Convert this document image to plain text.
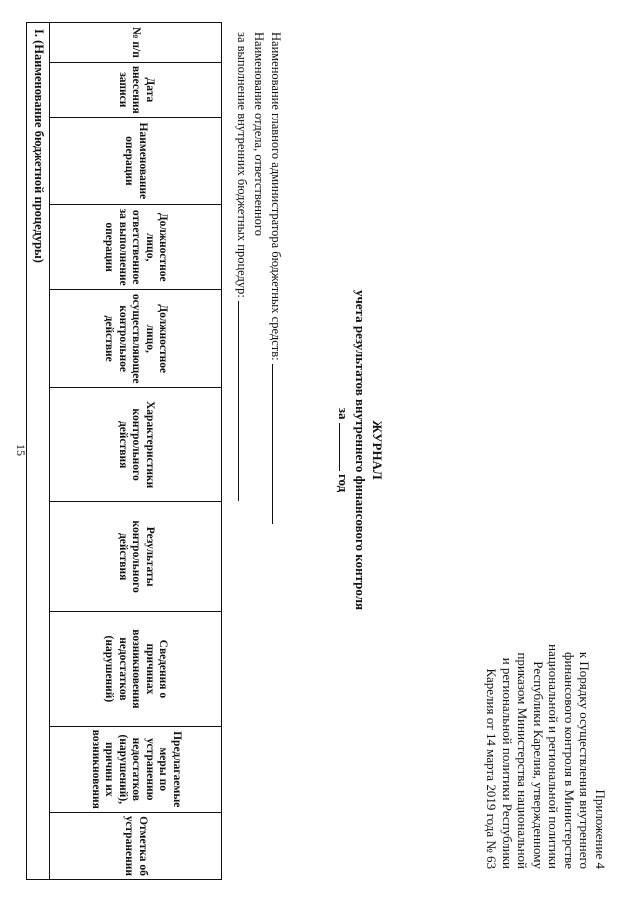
15
Приложение 4
к Порядку осуществления внутреннего
финансового контроля в Министерстве
национальной и региональной политики
Республики Карелия, утвержденному
приказом Министерства национальной
и региональной политики Республики
Карелия от 14 марта 2019 года № 63
ЖУРНАЛ
учета результатов внутреннего финансового контроля
за  год
Наименование главного администратора бюджетных средств:
Наименование отдела, ответственного
за выполнение внутренних бюджетных процедур:
№ п/п	Дата внесения записи	Наименование операции	Должностное лицо, ответственное за выполнение операции	Должностное лицо, осуществляющее контрольное действие	Характеристики контрольного действия	Результаты контрольного действия	Сведения о причинах возникновения недостатков (нарушений)	Предлагаемые меры по устранению недостатков (нарушений), причин их возникновения	Отметка об устранении
I. (Наименование бюджетной процедуры)
